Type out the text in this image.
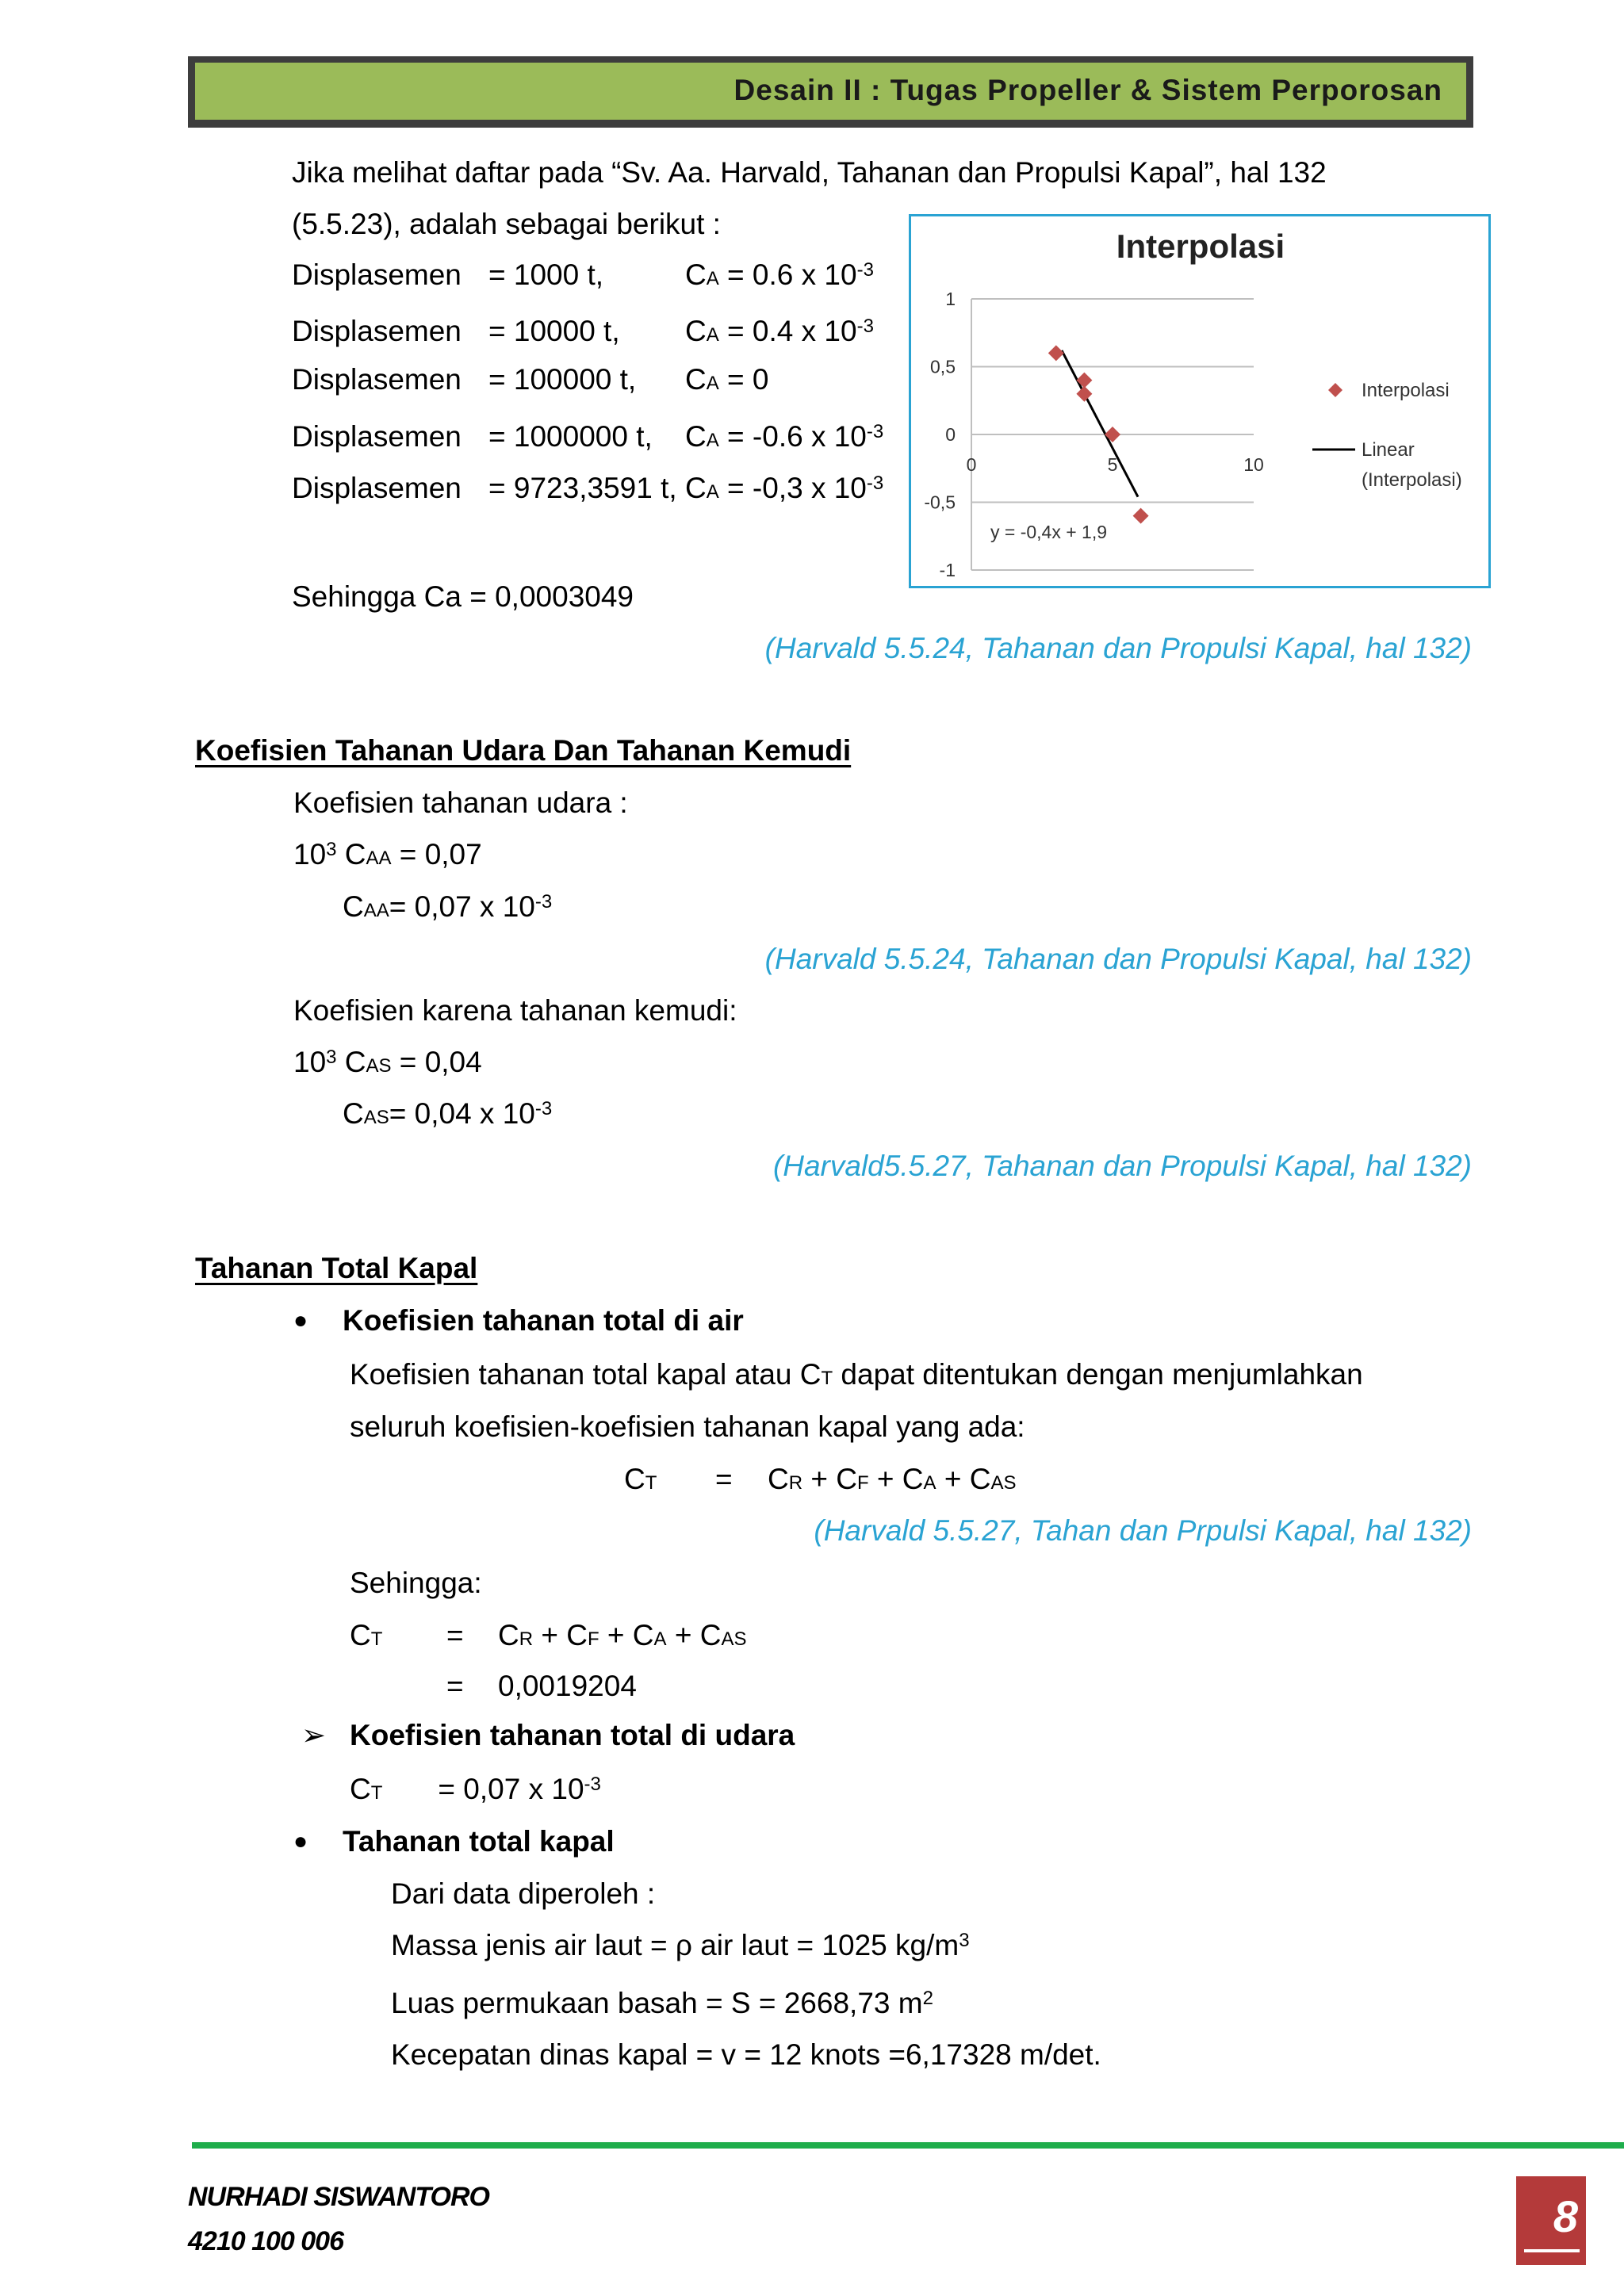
Desain II : Tugas Propeller & Sistem Perporosan
Jika melihat daftar pada “Sv. Aa. Harvald, Tahanan dan Propulsi Kapal”, hal 132
(5.5.23), adalah sebagai berikut :
Displasemen = 1000 t,	CA = 0.6 x $10^{-3}$
Displasemen = 10000 t, CA = 0.4 x $10^{-3}$
Displasemen = 100000 t, CA = 0
Displasemen = 1000000 t, CA = -0.6 x $10^{-3}$
Displasemen = 9723,3591 t, CA = -0,3 x $10^{-3}$
Sehingga Ca = 0,0003049
(Harvald 5.5.24, Tahanan dan Propulsi Kapal, hal 132)
Interpolasi
1
0,5
0
-0,5
-1
0	5	10
y = -0,4x + 1,9
Interpolasi
Linear
(Interpolasi)
Koefisien Tahanan Udara Dan Tahanan Kemudi
Koefisien tahanan udara :
$10^3$ CAA = 0,07
CAA= 0,07 x $10^{-3}$
(Harvald 5.5.24, Tahanan dan Propulsi Kapal, hal 132)
Koefisien karena tahanan kemudi:
$10^3$ CAS = 0,04
CAS= 0,04 x $10^{-3}$
(Harvald5.5.27, Tahanan dan Propulsi Kapal, hal 132)
Tahanan Total Kapal
● Koefisien tahanan total di air
Koefisien tahanan total kapal atau CT dapat ditentukan dengan menjumlahkan
seluruh koefisien-koefisien tahanan kapal yang ada:
CT = CR + CF + CA + CAS
(Harvald 5.5.27, Tahan dan Prpulsi Kapal, hal 132)
Sehingga:
CT = CR + CF + CA + CAS
= 0,0019204
➢ Koefisien tahanan total di udara
CT = 0,07 x $10^{-3}$
● Tahanan total kapal
Dari data diperoleh :
Massa jenis air laut = ρ air laut = 1025 $kg/m^3$
Luas permukaan basah = S = 2668,73 $m^2$
Kecepatan dinas kapal = v = 12 knots =6,17328 m/det.
NURHADI SISWANTORO
4210 100 006	8
